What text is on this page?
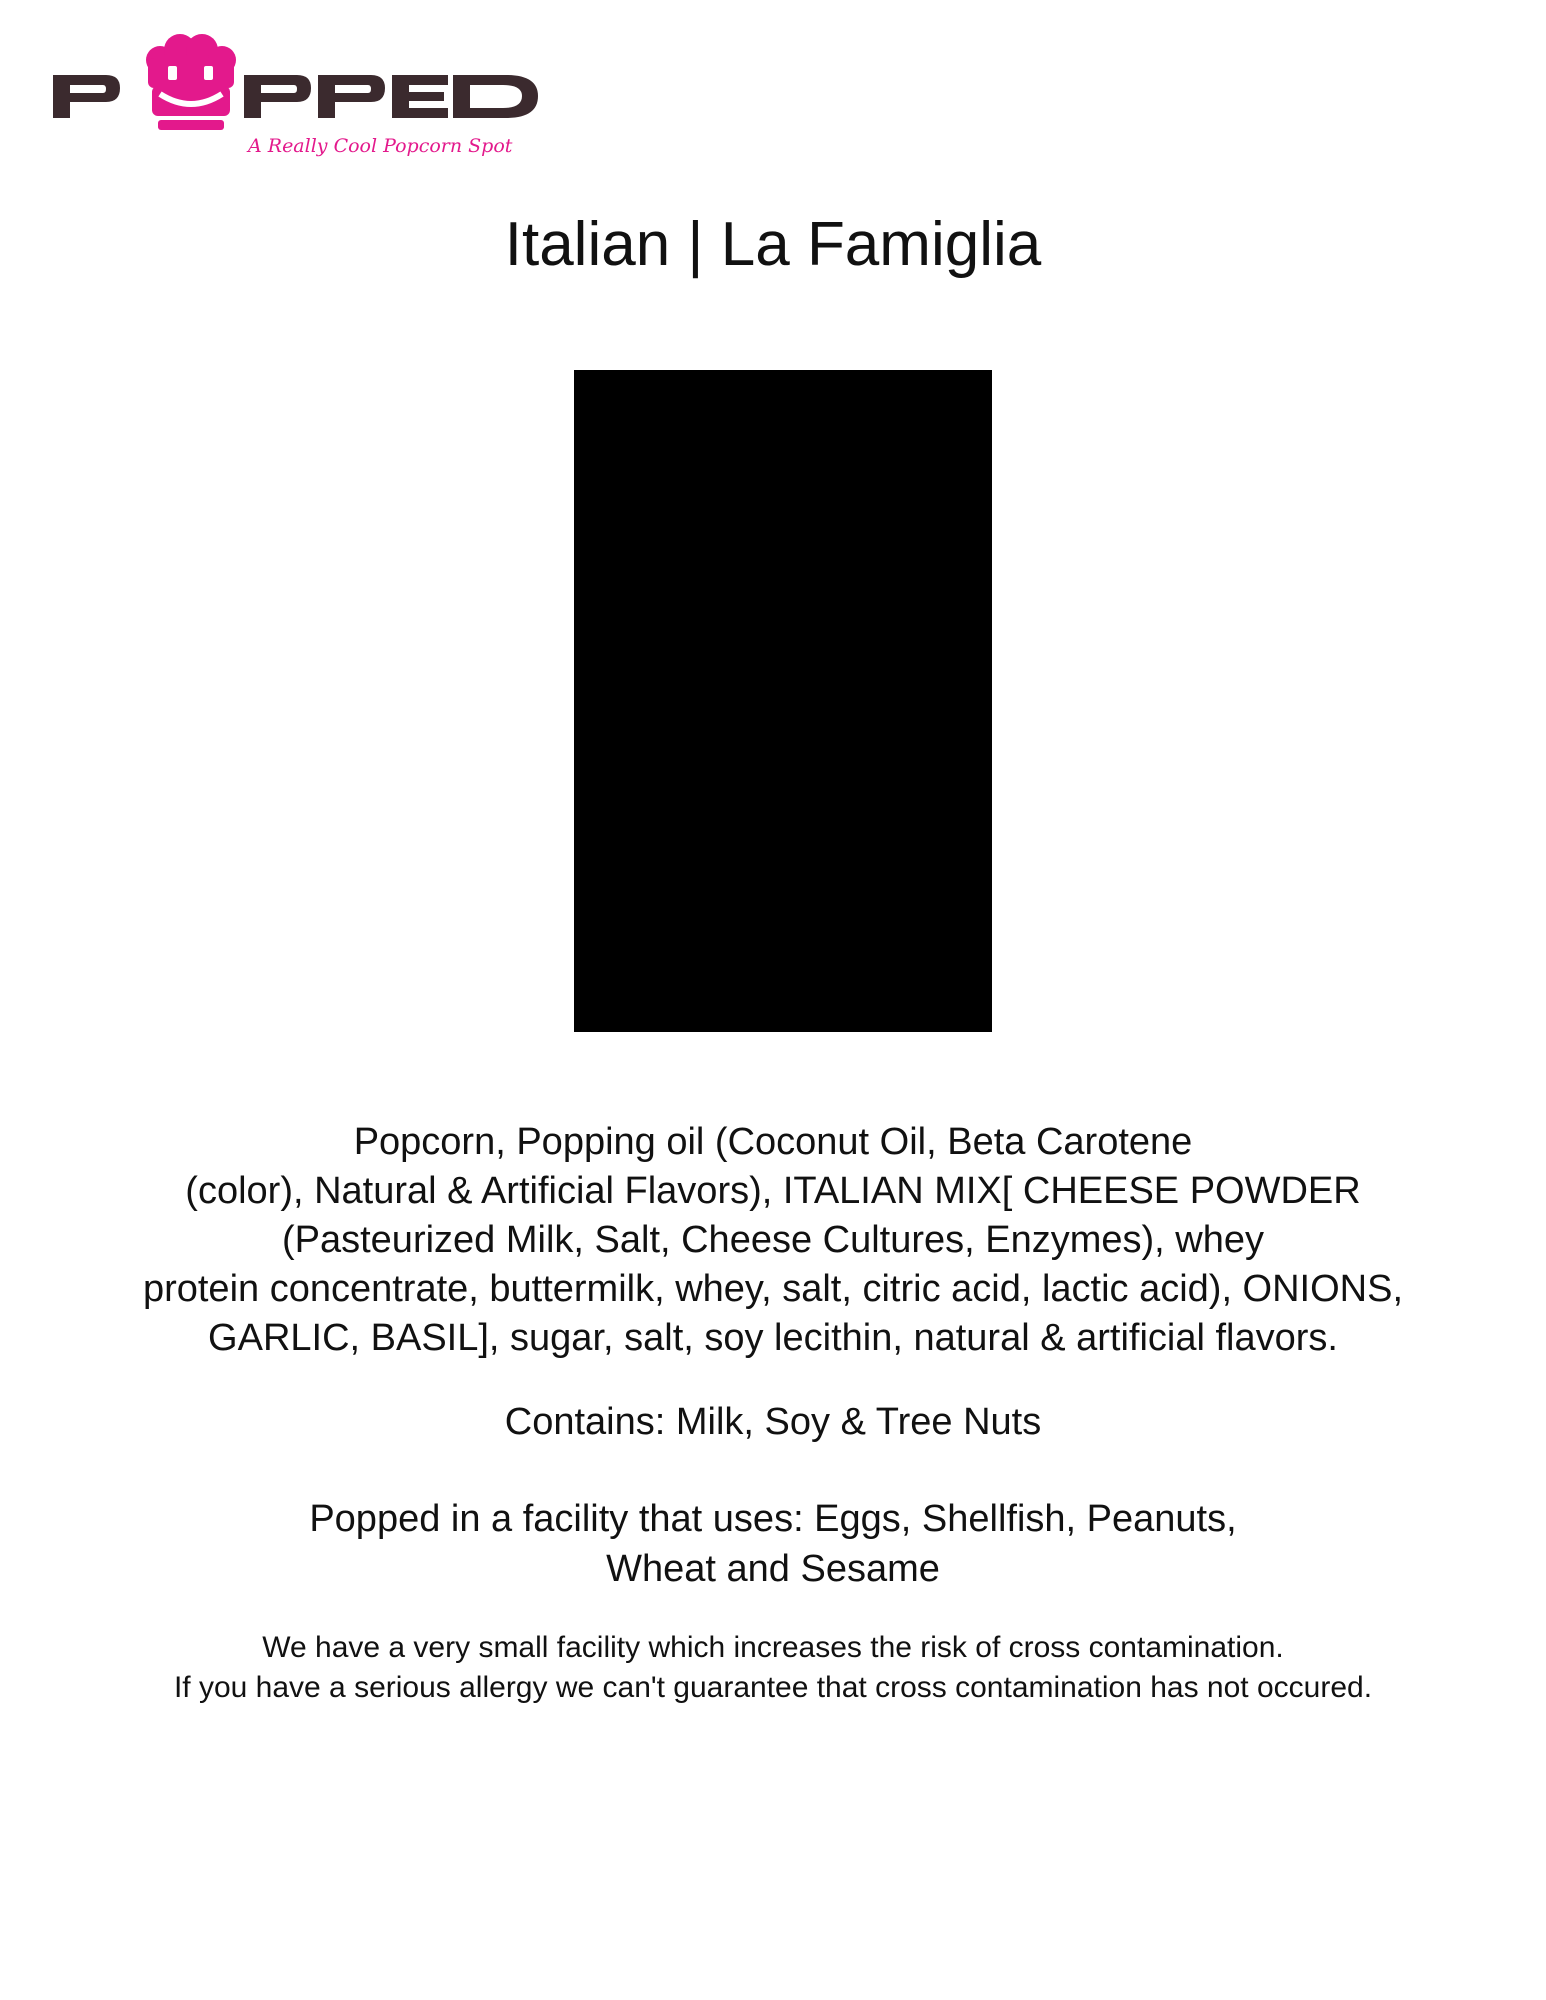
A Really Cool Popcorn Spot
Italian | La Famiglia

Popcorn, Popping oil (Coconut Oil, Beta Carotene
(color), Natural & Artificial Flavors), ITALIAN MIX[ CHEESE POWDER
(Pasteurized Milk, Salt, Cheese Cultures, Enzymes), whey
protein concentrate, buttermilk, whey, salt, citric acid, lactic acid), ONIONS,
GARLIC, BASIL], sugar, salt, soy lecithin, natural & artificial flavors.

Contains: Milk, Soy & Tree Nuts

Popped in a facility that uses: Eggs, Shellfish, Peanuts,
Wheat and Sesame

We have a very small facility which increases the risk of cross contamination.
If you have a serious allergy we can't guarantee that cross contamination has not occured.
